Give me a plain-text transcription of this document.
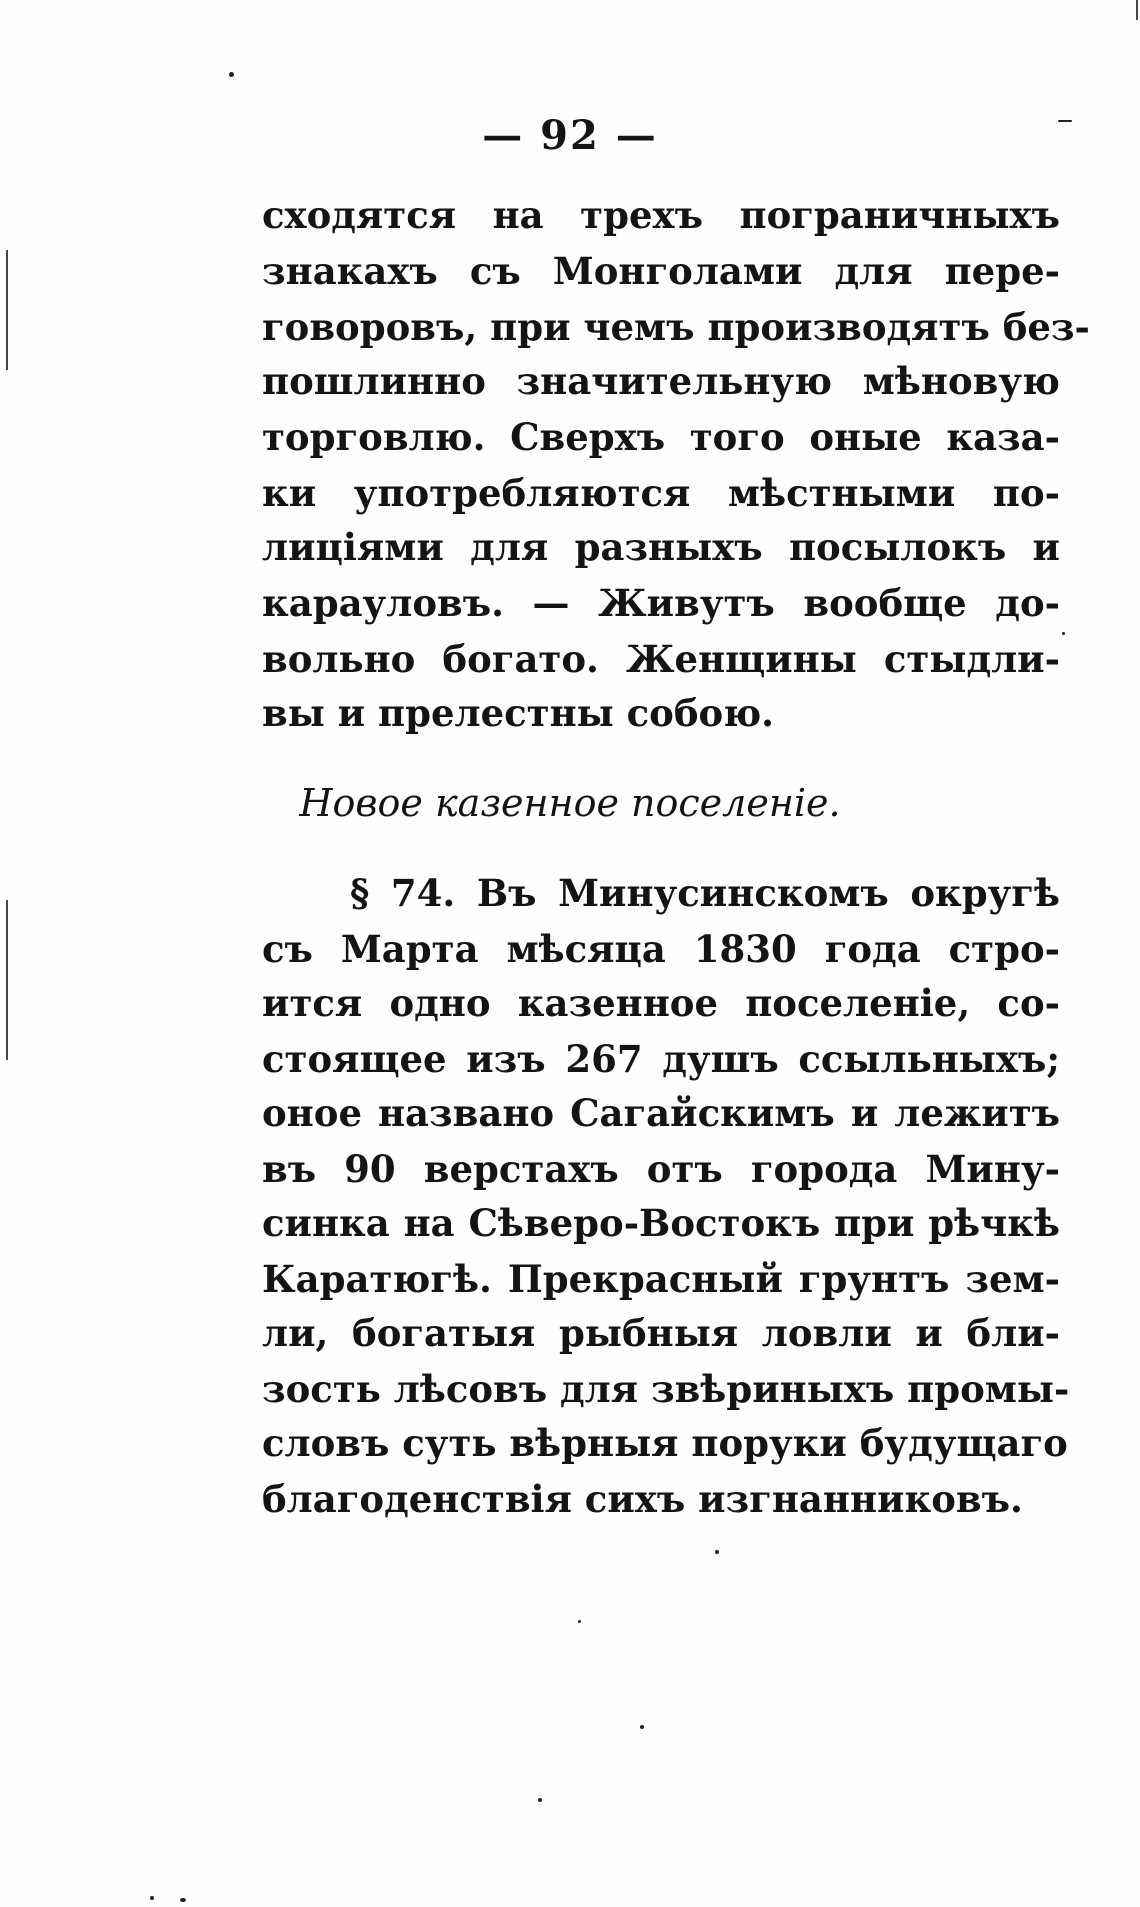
— 92 —
сходятся на трехъ пограничныхъ
знакахъ съ Монголами для пере-
говоровъ, при чемъ производятъ без-
пошлинно значительную мѣновую
торговлю. Сверхъ того оные каза-
ки употребляются мѣстными по-
лиціями для разныхъ посылокъ и
карауловъ. — Живутъ вообще до-
вольно богато. Женщины стыдли-
вы и прелестны собою.
Новое казенное поселеніе.
§ 74. Въ Минусинскомъ округѣ
съ Марта мѣсяца 1830 года стро-
ится одно казенное поселеніе, со-
стоящее изъ 267 душъ ссыльныхъ;
оное названо Сагайскимъ и лежитъ
въ 90 верстахъ отъ города Мину-
синка на Сѣверо-Востокъ при рѣчкѣ
Каратюгѣ. Прекрасный грунтъ зем-
ли, богатыя рыбныя ловли и бли-
зость лѣсовъ для звѣриныхъ промы-
словъ суть вѣрныя поруки будущаго
благоденствія сихъ изгнанниковъ.
